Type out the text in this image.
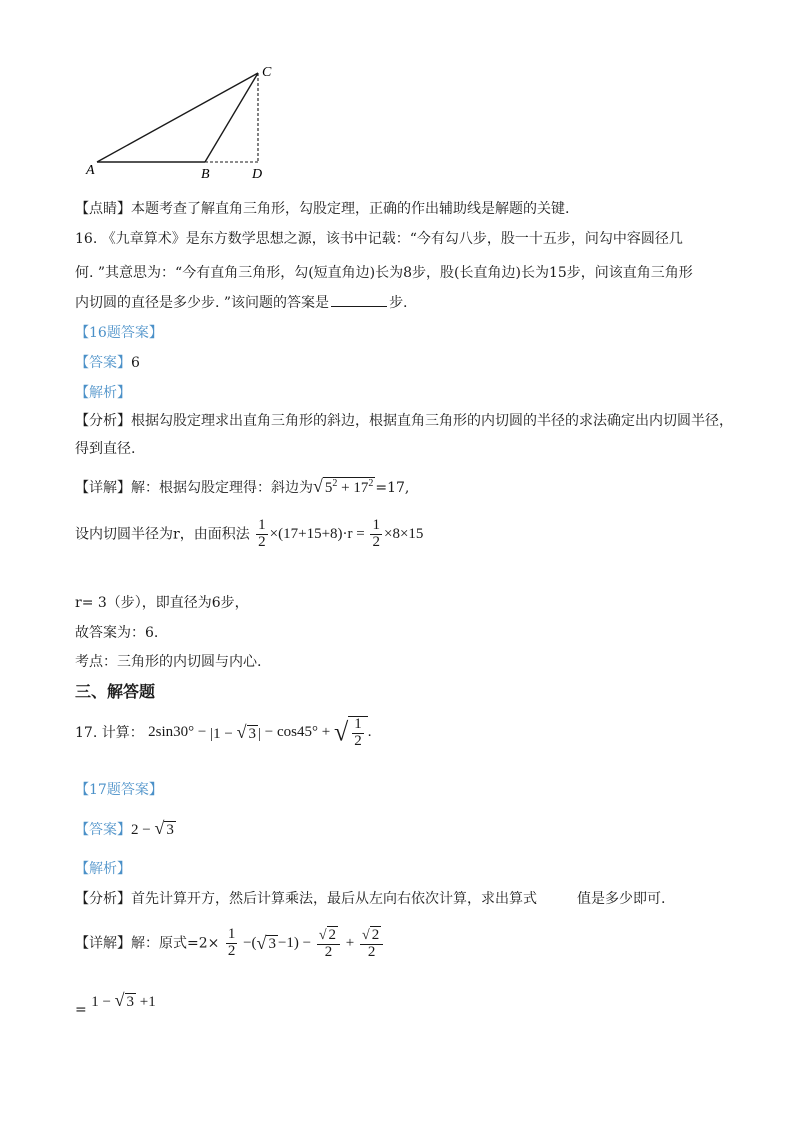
A	B
C
D
【点睛】本题考查了解直角三角形，勾股定理，正确的作出辅助线是解题的关键.
16. 《九章算术》是东方数学思想之源，该书中记载：“今有勾八步，股一十五步，问勾中容圆径几
何. ”其意思为：“今有直角三角形，勾(短直角边)长为8步，股(长直角边)长为15步，问该直角三角形
内切圆的直径是多少步. ”该问题的答案是	步.
【16题答案】
【答案】6
【解析】
【分析】根据勾股定理求出直角三角形的斜边，根据直角三角形的内切圆的半径的求法确定出内切圆半径，
得到直径.
【详解】解：根据勾股定理得：斜边为√ $5^2 + 17^2 =17$,
设内切圆半径为r，由面积法 $\frac{1}{2} \times(17+15+8)\cdot r = \frac{1}{2} \times 8\times 15$
r= 3（步），即直径为6步，
故答案为：6.
考点：三角形的内切圆与内心.
三、解答题
17. 计算： 2sin30° − |1 − √ 3 | − cos45° + √ $\frac{1}{2}$ .
【17题答案】
【答案】2 − √ 3
【解析】
【分析】首先计算开方，然后计算乘法，最后从左向右依次计算，求出算式	值是多少即可.
【详解】解：原式$=2\times \frac{1}{2}$ −(√ $3 -1) - \frac{√ 2}{2} + \frac{√ 2}{2}$
= 1 − √ 3 +1
